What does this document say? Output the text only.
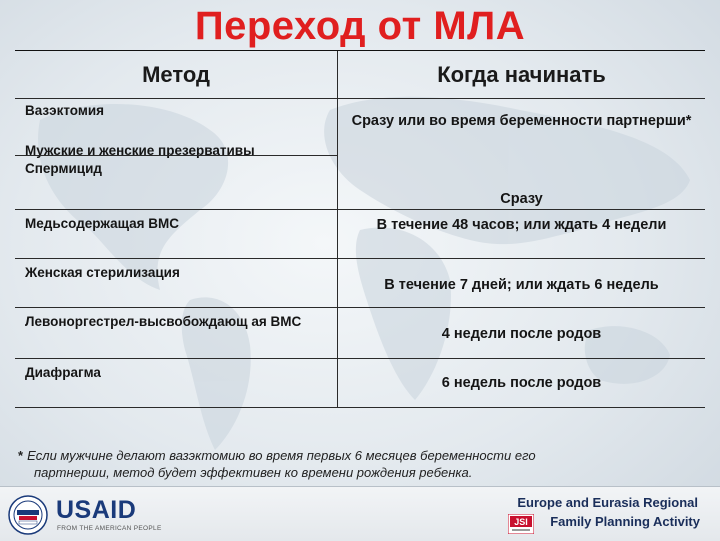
Переход от МЛА
Метод	Когда начинать
Вазэктомия
Мужские и женские презервативы
Спермицид
Сразу или во время беременности партнерши*
Сразу
Медьсодержащая ВМС	В течение 48 часов; или ждать 4 недели
Женская стерилизация
В течение 7 дней; или ждать 6 недель
Левоноргестрел-высвобождающ ая ВМС
4 недели после родов
Диафрагма
6 недель после родов
* Если мужчине делают вазэктомию во время первых 6 месяцев беременности его
партнерши, метод будет эффективен ко времени рождения ребенка.
USAID
FROM THE AMERICAN PEOPLE
Europe and Eurasia Regional
JSI Family Planning Activity
